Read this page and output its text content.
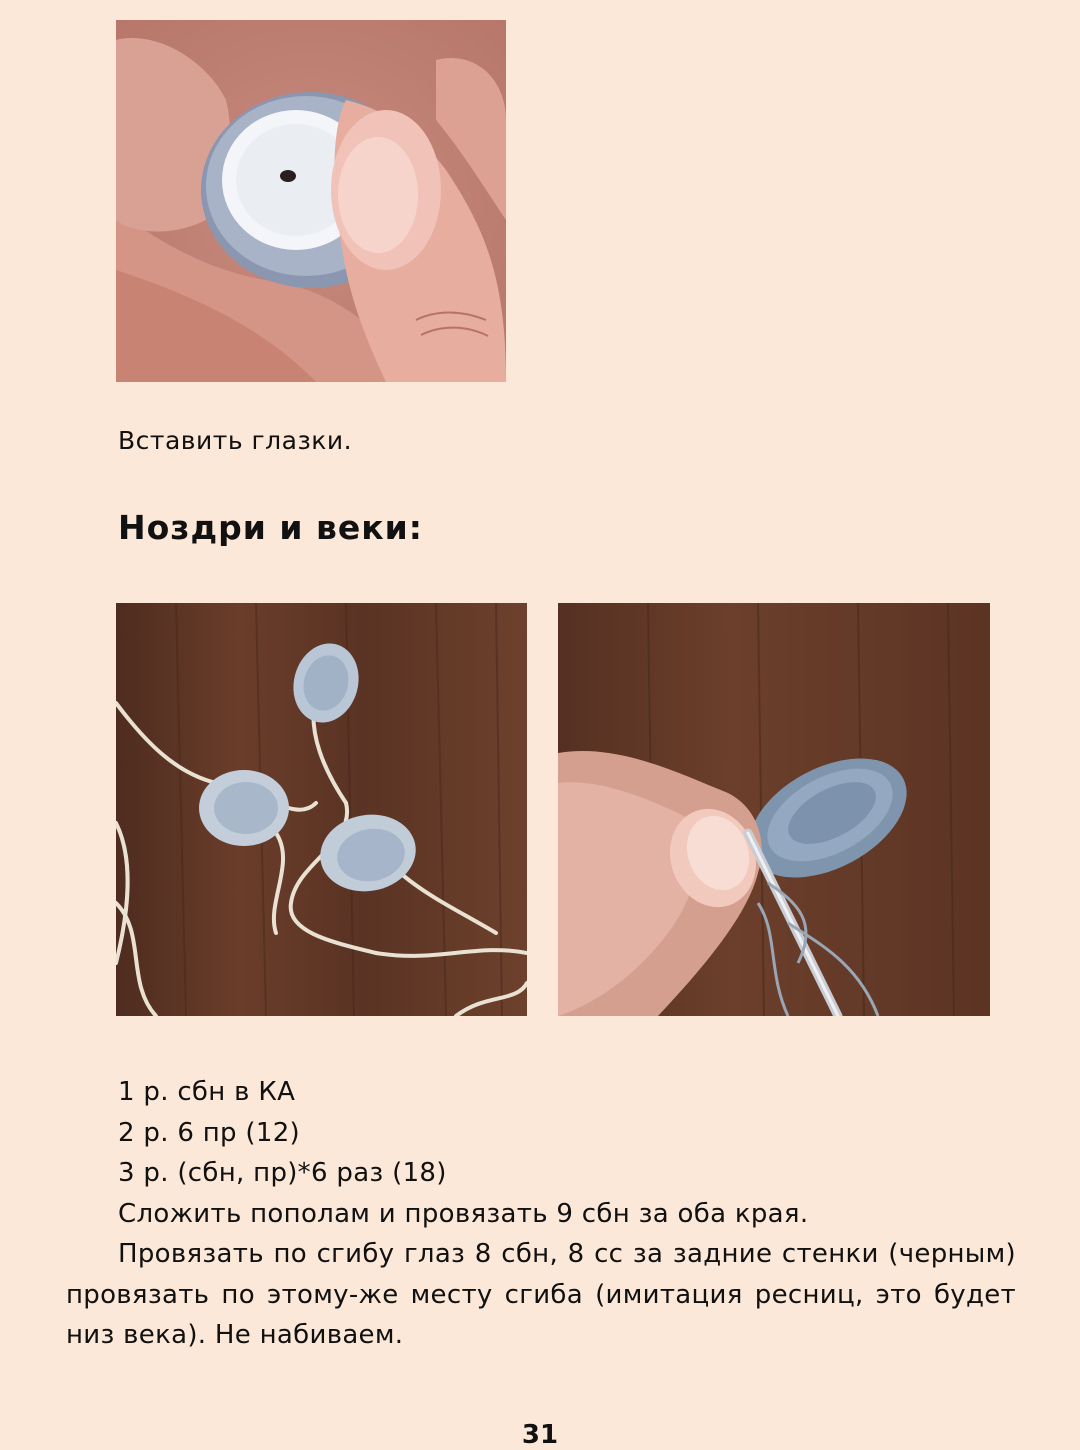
Вставить глазки.
Ноздри и веки:
1 р. сбн в КА
2 р. 6 пр (12)
3 р. (сбн, пр)*6 раз (18)
Сложить пополам и провязать 9 сбн за оба края.
Провязать по сгибу глаз 8 сбн, 8 сс за задние стенки (черным) провязать по этому-же месту сгиба (имитация ресниц, это будет низ века). Не набиваем.
31
